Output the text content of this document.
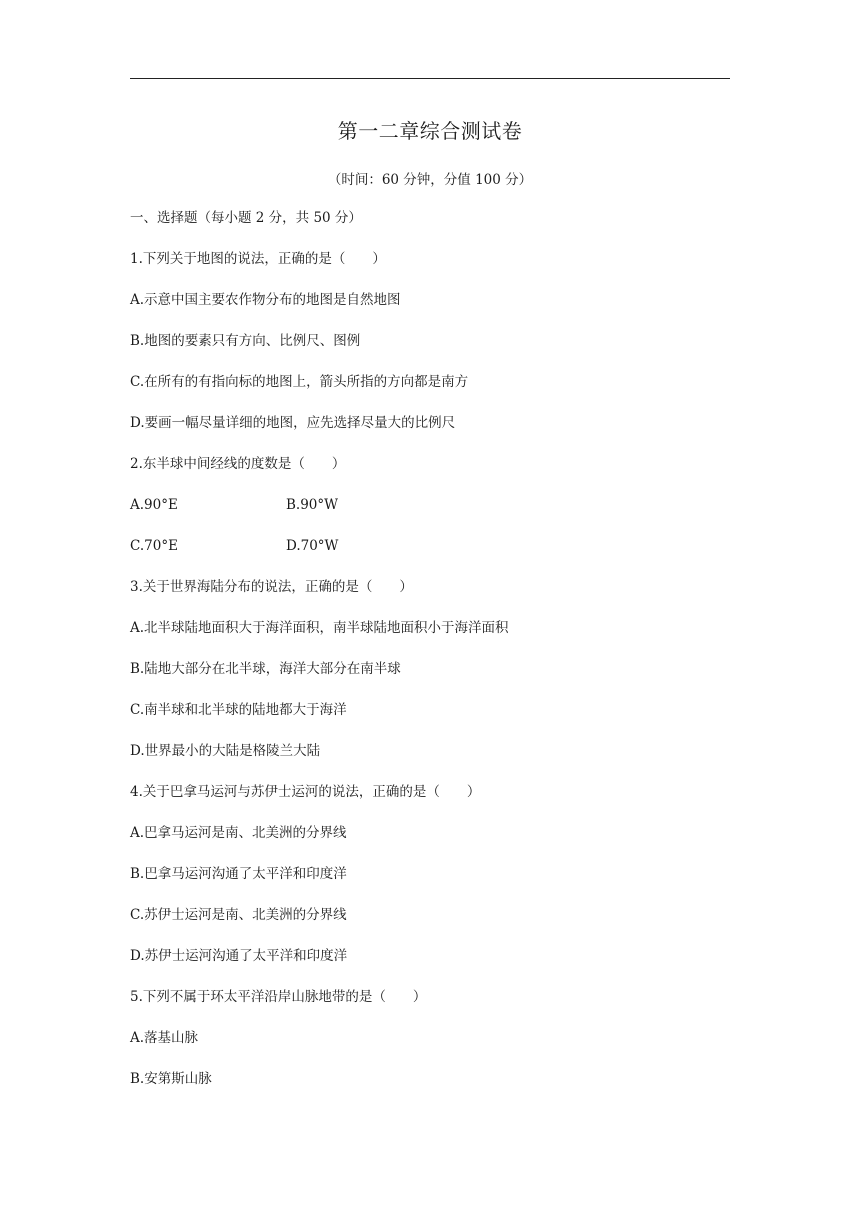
第一二章综合测试卷
（时间：60 分钟，分值 100 分）
一、选择题（每小题 2 分，共 50 分）
1.下列关于地图的说法，正确的是（　　）
A.示意中国主要农作物分布的地图是自然地图
B.地图的要素只有方向、比例尺、图例
C.在所有的有指向标的地图上，箭头所指的方向都是南方
D.要画一幅尽量详细的地图，应先选择尽量大的比例尺
2.东半球中间经线的度数是（　　）
A.90°E	B.90°W
C.70°E	D.70°W
3.关于世界海陆分布的说法，正确的是（　　）
A.北半球陆地面积大于海洋面积，南半球陆地面积小于海洋面积
B.陆地大部分在北半球，海洋大部分在南半球
C.南半球和北半球的陆地都大于海洋
D.世界最小的大陆是格陵兰大陆
4.关于巴拿马运河与苏伊士运河的说法，正确的是（　　）
A.巴拿马运河是南、北美洲的分界线
B.巴拿马运河沟通了太平洋和印度洋
C.苏伊士运河是南、北美洲的分界线
D.苏伊士运河沟通了太平洋和印度洋
5.下列不属于环太平洋沿岸山脉地带的是（　　）
A.落基山脉
B.安第斯山脉
